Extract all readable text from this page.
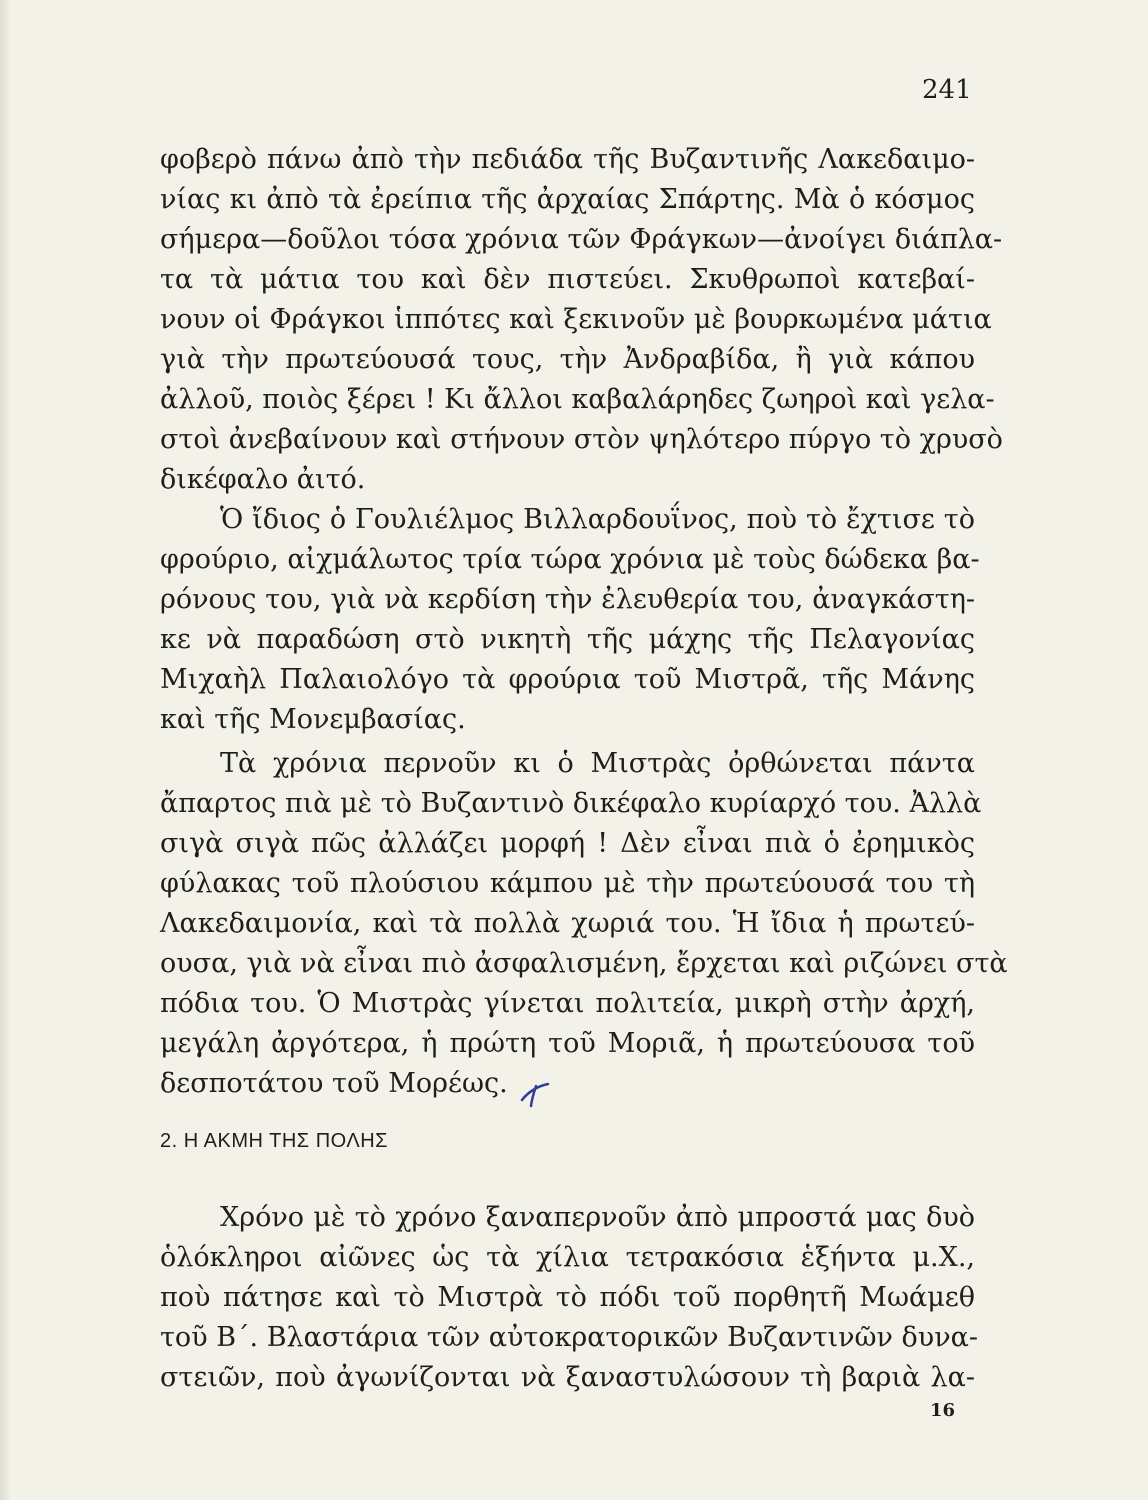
241
φοβερὸ πάνω ἀπὸ τὴν πεδιάδα τῆς Βυζαντινῆς Λακεδαιμο-
νίας κι ἀπὸ τὰ ἐρείπια τῆς ἀρχαίας Σπάρτης. Μὰ ὁ κόσμος
σήμερα—δοῦλοι τόσα χρόνια τῶν Φράγκων—ἀνοίγει διάπλα-
τα τὰ μάτια του καὶ δὲν πιστεύει. Σκυθρωποὶ κατεβαί-
νουν οἱ Φράγκοι ἱππότες καὶ ξεκινοῦν μὲ βουρκωμένα μάτια
γιὰ τὴν πρωτεύουσά τους, τὴν Ἀνδραβίδα, ἢ γιὰ κάπου
ἀλλοῦ, ποιὸς ξέρει ! Κι ἄλλοι καβαλάρηδες ζωηροὶ καὶ γελα-
στοὶ ἀνεβαίνουν καὶ στήνουν στὸν ψηλότερο πύργο τὸ χρυσὸ
δικέφαλο ἀιτό.
Ὁ ἴδιος ὁ Γουλιέλμος Βιλλαρδουΐνος, ποὺ τὸ ἔχτισε τὸ
φρούριο, αἰχμάλωτος τρία τώρα χρόνια μὲ τοὺς δώδεκα βα-
ρόνους του, γιὰ νὰ κερδίση τὴν ἐλευθερία του, ἀναγκάστη-
κε νὰ παραδώση στὸ νικητὴ τῆς μάχης τῆς Πελαγονίας
Μιχαὴλ Παλαιολόγο τὰ φρούρια τοῦ Μιστρᾶ, τῆς Μάνης
καὶ τῆς Μονεμβασίας.
Τὰ χρόνια περνοῦν κι ὁ Μιστρὰς ὀρθώνεται πάντα
ἄπαρτος πιὰ μὲ τὸ Βυζαντινὸ δικέφαλο κυρίαρχό του. Ἀλλὰ
σιγὰ σιγὰ πῶς ἀλλάζει μορφή ! Δὲν εἶναι πιὰ ὁ ἐρημικὸς
φύλακας τοῦ πλούσιου κάμπου μὲ τὴν πρωτεύουσά του τὴ
Λακεδαιμονία, καὶ τὰ πολλὰ χωριά του. Ἡ ἴδια ἡ πρωτεύ-
ουσα, γιὰ νὰ εἶναι πιὸ ἀσφαλισμένη, ἔρχεται καὶ ριζώνει στὰ
πόδια του. Ὁ Μιστρὰς γίνεται πολιτεία, μικρὴ στὴν ἀρχή,
μεγάλη ἀργότερα, ἡ πρώτη τοῦ Μοριᾶ, ἡ πρωτεύουσα τοῦ
δεσποτάτου τοῦ Μορέως.
2. Η ΑΚΜΗ ΤΗΣ ΠΟΛΗΣ
Χρόνο μὲ τὸ χρόνο ξαναπερνοῦν ἀπὸ μπροστά μας δυὸ
ὁλόκληροι αἰῶνες ὡς τὰ χίλια τετρακόσια ἑξήντα μ.Χ.,
ποὺ πάτησε καὶ τὸ Μιστρὰ τὸ πόδι τοῦ πορθητῆ Μωάμεθ
τοῦ Β΄. Βλαστάρια τῶν αὐτοκρατορικῶν Βυζαντινῶν δυνα-
στειῶν, ποὺ ἀγωνίζονται νὰ ξαναστυλώσουν τὴ βαριὰ λα-
16
